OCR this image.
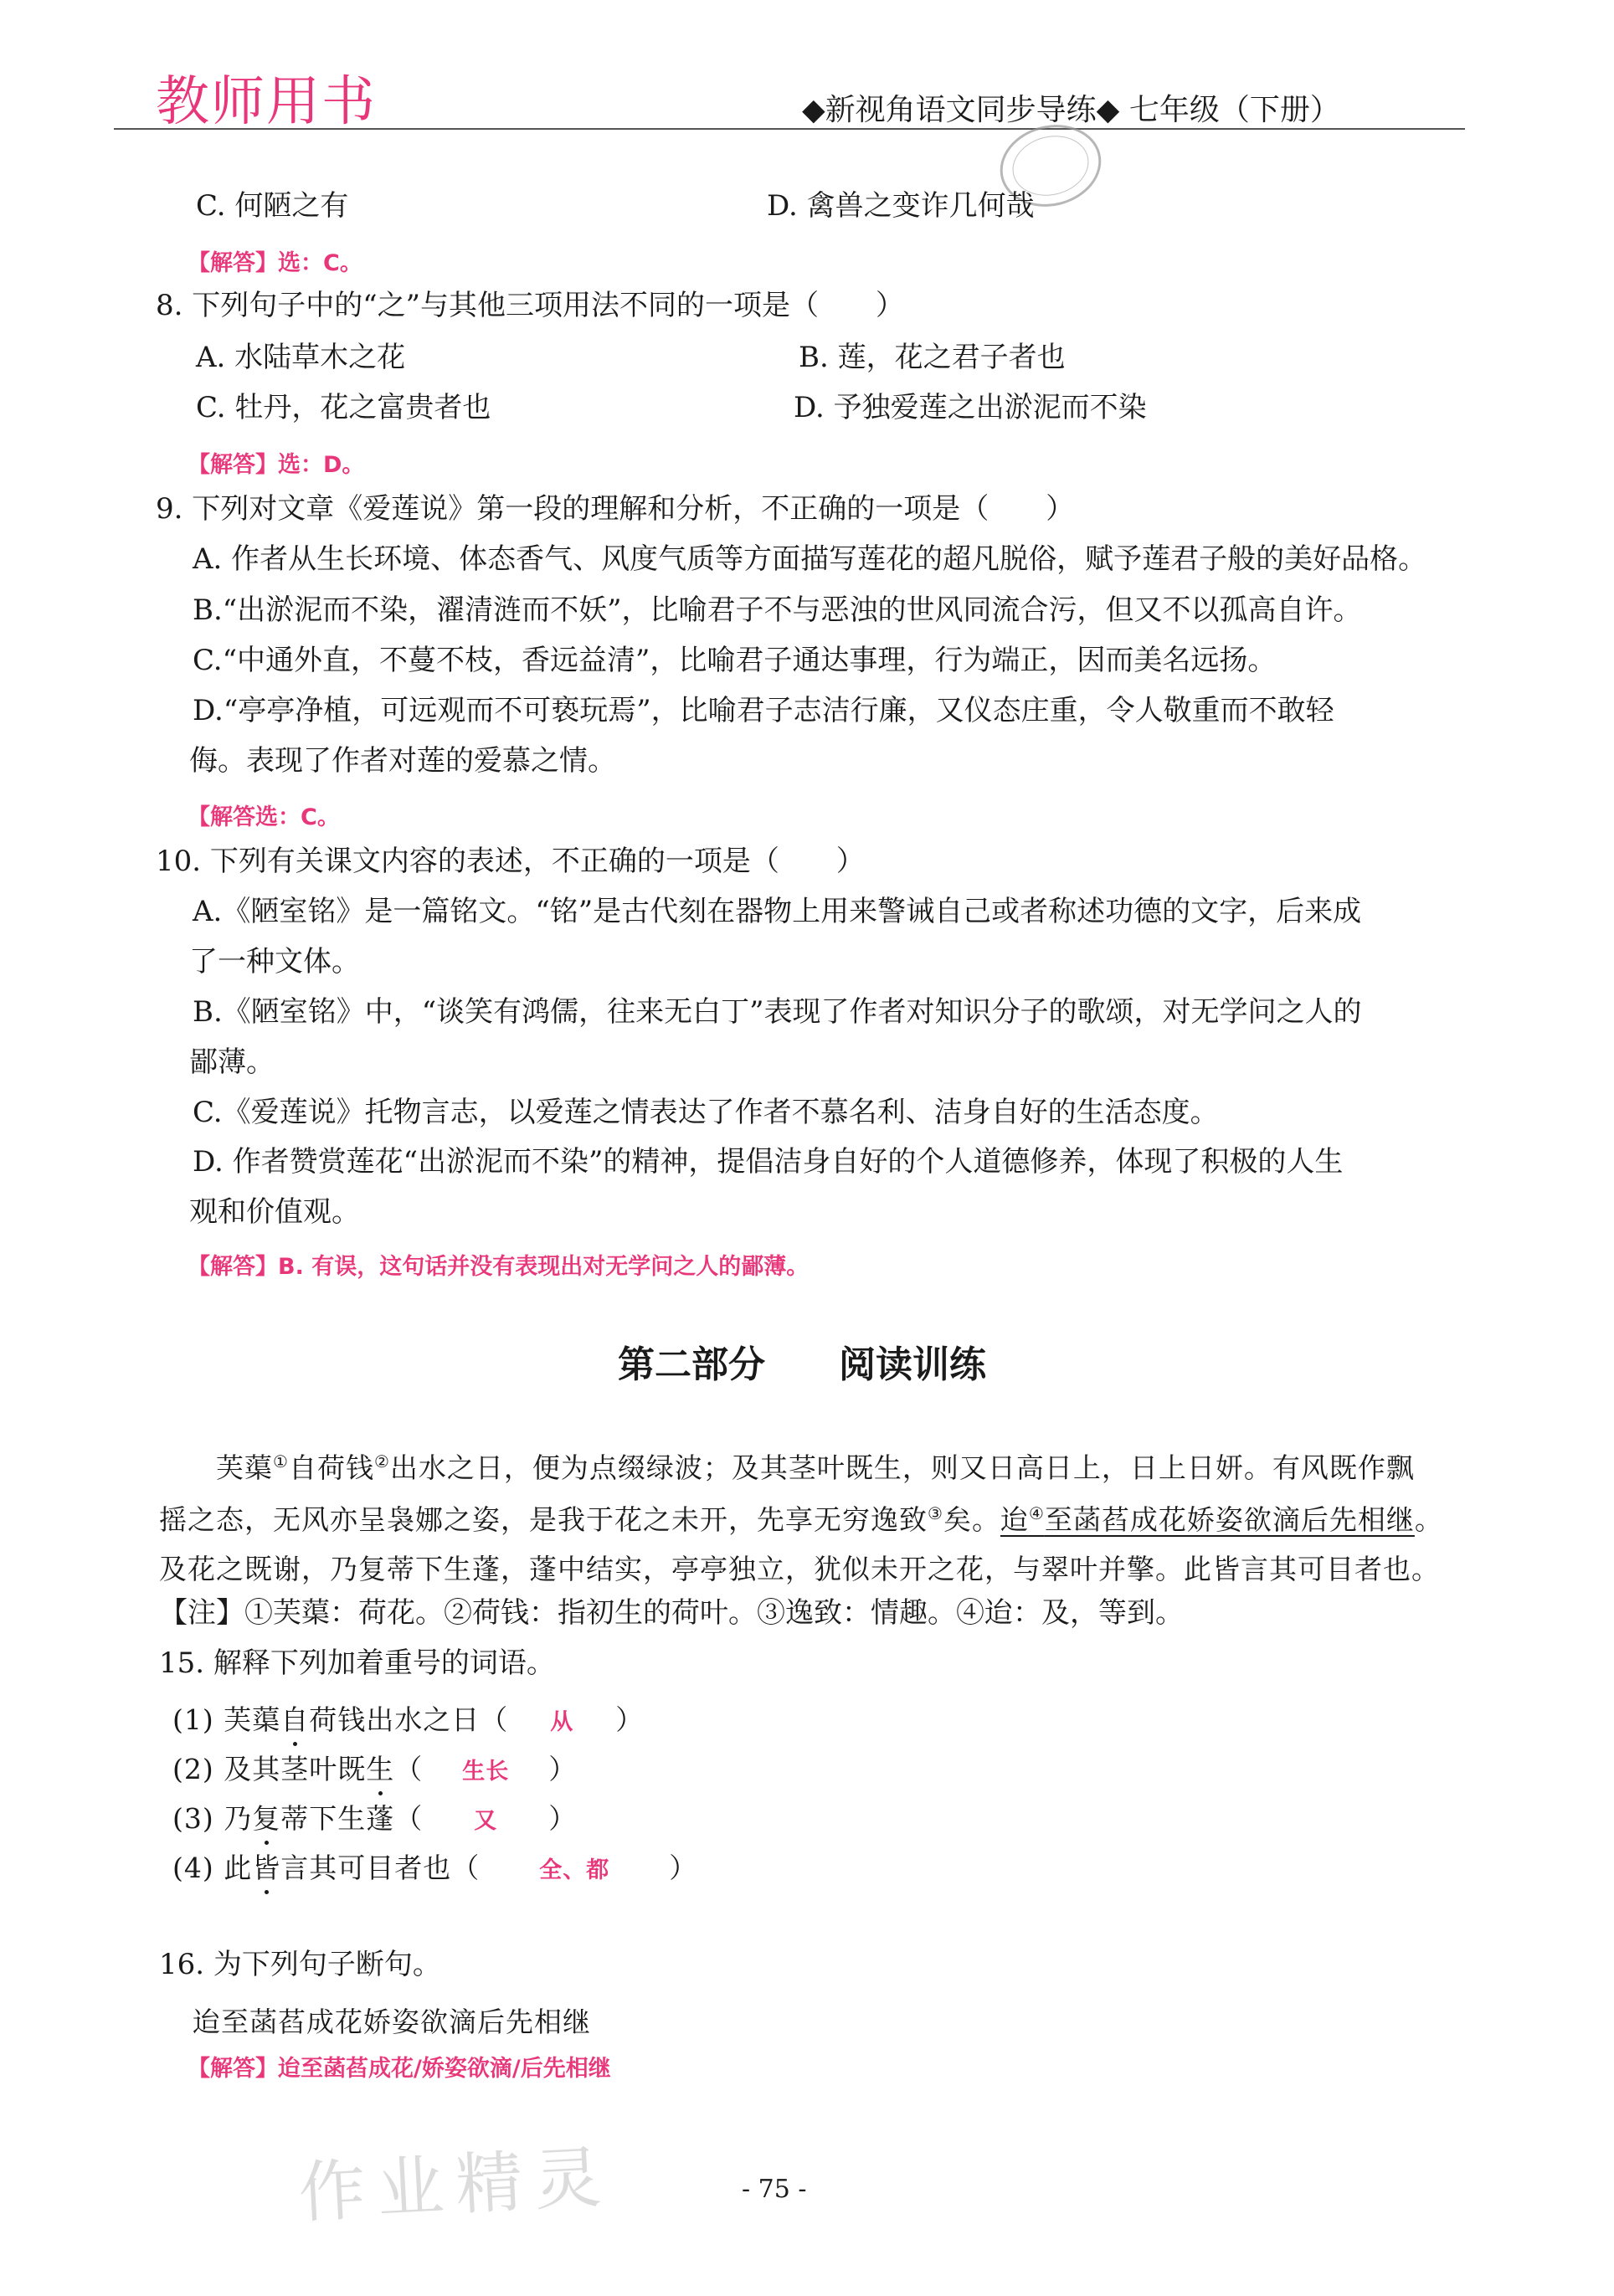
教师用书	◆新视角语文同步导练◆ 七年级（下册）
C. 何陋之有	D. 禽兽之变诈几何哉
【解答】选：C。
8. 下列句子中的“之”与其他三项用法不同的一项是（　　）
A. 水陆草木之花	B. 莲，花之君子者也
C. 牡丹，花之富贵者也	D. 予独爱莲之出淤泥而不染
【解答】选：D。
9. 下列对文章《爱莲说》第一段的理解和分析，不正确的一项是（　　）
A. 作者从生长环境、体态香气、风度气质等方面描写莲花的超凡脱俗，赋予莲君子般的美好品格。
B.“出淤泥而不染，濯清涟而不妖”，比喻君子不与恶浊的世风同流合污，但又不以孤高自许。
C.“中通外直，不蔓不枝，香远益清”，比喻君子通达事理，行为端正，因而美名远扬。
D.“亭亭净植，可远观而不可亵玩焉”，比喻君子志洁行廉，又仪态庄重，令人敬重而不敢轻
侮。表现了作者对莲的爱慕之情。
【解答选：C。
10. 下列有关课文内容的表述，不正确的一项是（　　）
A.《陋室铭》是一篇铭文。“铭”是古代刻在器物上用来警诫自己或者称述功德的文字，后来成
了一种文体。
B.《陋室铭》中，“谈笑有鸿儒，往来无白丁”表现了作者对知识分子的歌颂，对无学问之人的
鄙薄。
C.《爱莲说》托物言志，以爱莲之情表达了作者不慕名利、洁身自好的生活态度。
D. 作者赞赏莲花“出淤泥而不染”的精神，提倡洁身自好的个人道德修养，体现了积极的人生
观和价值观。
【解答】B. 有误，这句话并没有表现出对无学问之人的鄙薄。
第二部分　　阅读训练
芙蕖①自荷钱②出水之日，便为点缀绿波；及其茎叶既生，则又日高日上，日上日妍。有风既作飘
摇之态，无风亦呈袅娜之姿，是我于花之未开，先享无穷逸致③矣。迨④至菡萏成花娇姿欲滴后先相继。
及花之既谢，乃复蒂下生蓬，蓬中结实，亭亭独立，犹似未开之花，与翠叶并擎。此皆言其可目者也。
【注】①芙蕖：荷花。②荷钱：指初生的荷叶。③逸致：情趣。④迨：及，等到。
15. 解释下列加着重号的词语。
(1) 芙蕖自荷钱出水之日（ 从 ）
(2) 及其茎叶既生（ 生长 ）
(3) 乃复蒂下生蓬（ 又 ）
(4) 此皆言其可目者也（	全、都 ）
16. 为下列句子断句。
迨至菡萏成花娇姿欲滴后先相继
【解答】迨至菡萏成花/娇姿欲滴/后先相继
作业精灵	- 75 -
